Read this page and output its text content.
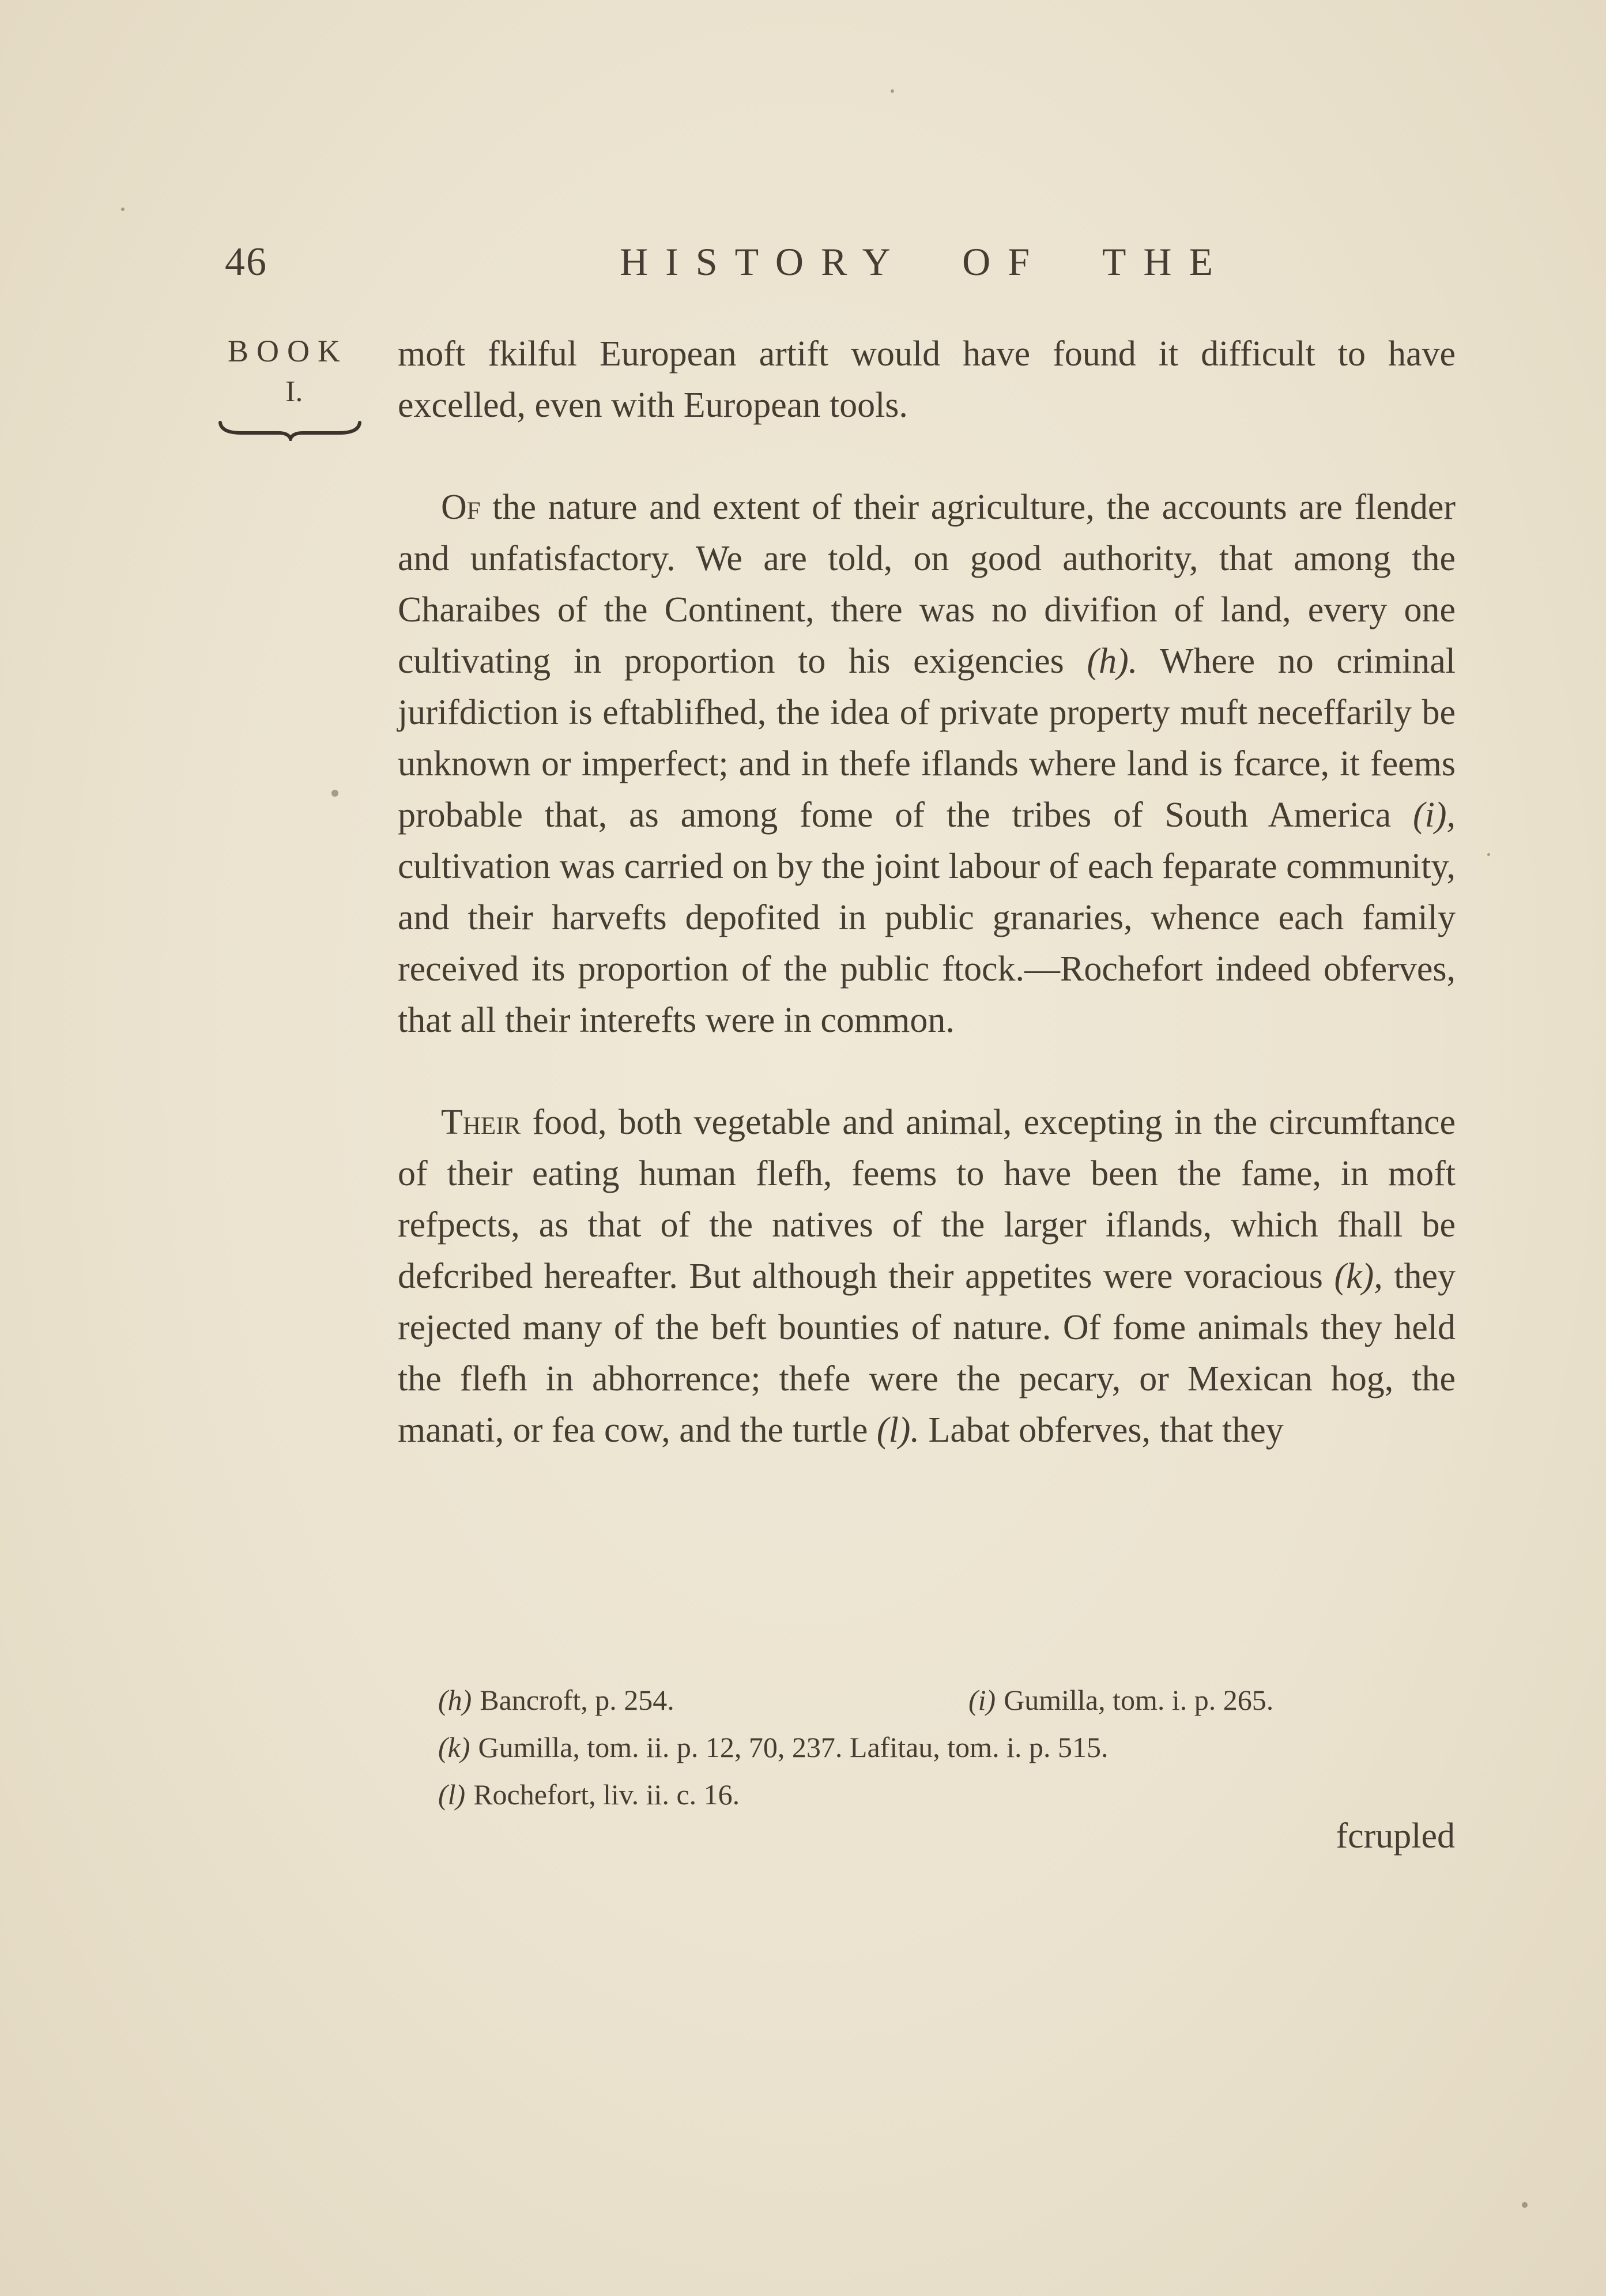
46	HISTORY OF THE
BOOK
I.

moft fkilful European artift would have found it difficult to have excelled, even with European tools.

Of the nature and extent of their agriculture, the accounts are flender and unfatisfactory. We are told, on good authority, that among the Charaibes of the Continent, there was no divifion of land, every one cultivating in proportion to his exigencies (h). Where no criminal jurifdiction is eftablifhed, the idea of private property muft neceffarily be unknown or imperfect; and in thefe iflands where land is fcarce, it feems probable that, as among fome of the tribes of South America (i), cultivation was carried on by the joint labour of each feparate community, and their harvefts depofited in public granaries, whence each family received its proportion of the public ftock.—Rochefort indeed obferves, that all their interefts were in common.

Their food, both vegetable and animal, excepting in the circumftance of their eating human flefh, feems to have been the fame, in moft refpects, as that of the natives of the larger iflands, which fhall be defcribed hereafter. But although their appetites were voracious (k), they rejected many of the beft bounties of nature. Of fome animals they held the flefh in abhorrence; thefe were the pecary, or Mexican hog, the manati, or fea cow, and the turtle (l). Labat obferves, that they

(h) Bancroft, p. 254.	(i) Gumilla, tom. i. p. 265.
(k) Gumilla, tom. ii. p. 12, 70, 237. Lafitau, tom. i. p. 515.
(l) Rochefort, liv. ii. c. 16.
fcrupled
